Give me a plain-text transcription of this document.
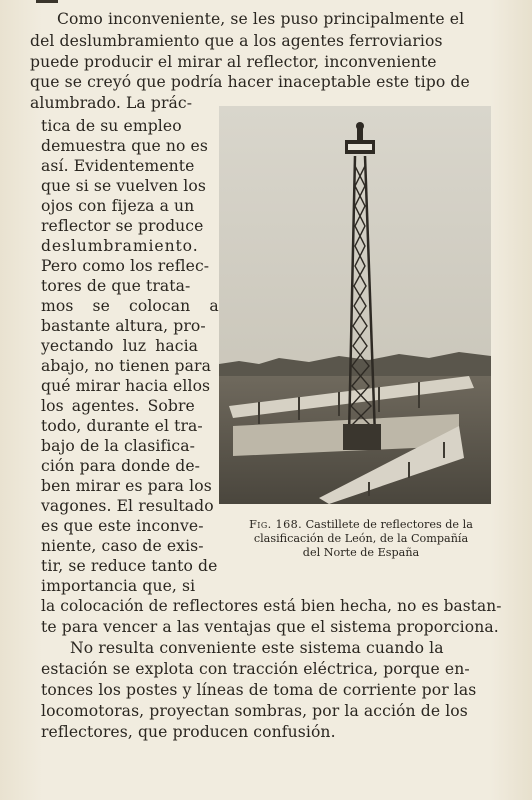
Como inconveniente, se les puso principalmente el
del deslumbramiento que a los agentes ferroviarios
puede producir el mirar al reflector, inconveniente
que se creyó que podría hacer inaceptable este tipo de
alumbrado. La prác-
tica de su empleo
demuestra que no es
así. Evidentemente
que si se vuelven los
ojos con fijeza a un
reflector se produce
deslumbramiento.
Pero como los reflec-
tores de que trata-
mos se colocan a
bastante altura, pro-
yectando luz hacia
abajo, no tienen para
qué mirar hacia ellos
los agentes. Sobre
todo, durante el tra-
bajo de la clasifica-
ción para donde de-
ben mirar es para los
vagones. El resultado
es que este inconve-
niente, caso de exis-
tir, se reduce tanto de
importancia que, si
Fig. 168. Castillete de reflectores de la
clasificación de León, de la Compañía
del Norte de España
la colocación de reflectores está bien hecha, no es bastan-
te para vencer a las ventajas que el sistema proporciona.
No resulta conveniente este sistema cuando la
estación se explota con tracción eléctrica, porque en-
tonces los postes y líneas de toma de corriente por las
locomotoras, proyectan sombras, por la acción de los
reflectores, que producen confusión.
